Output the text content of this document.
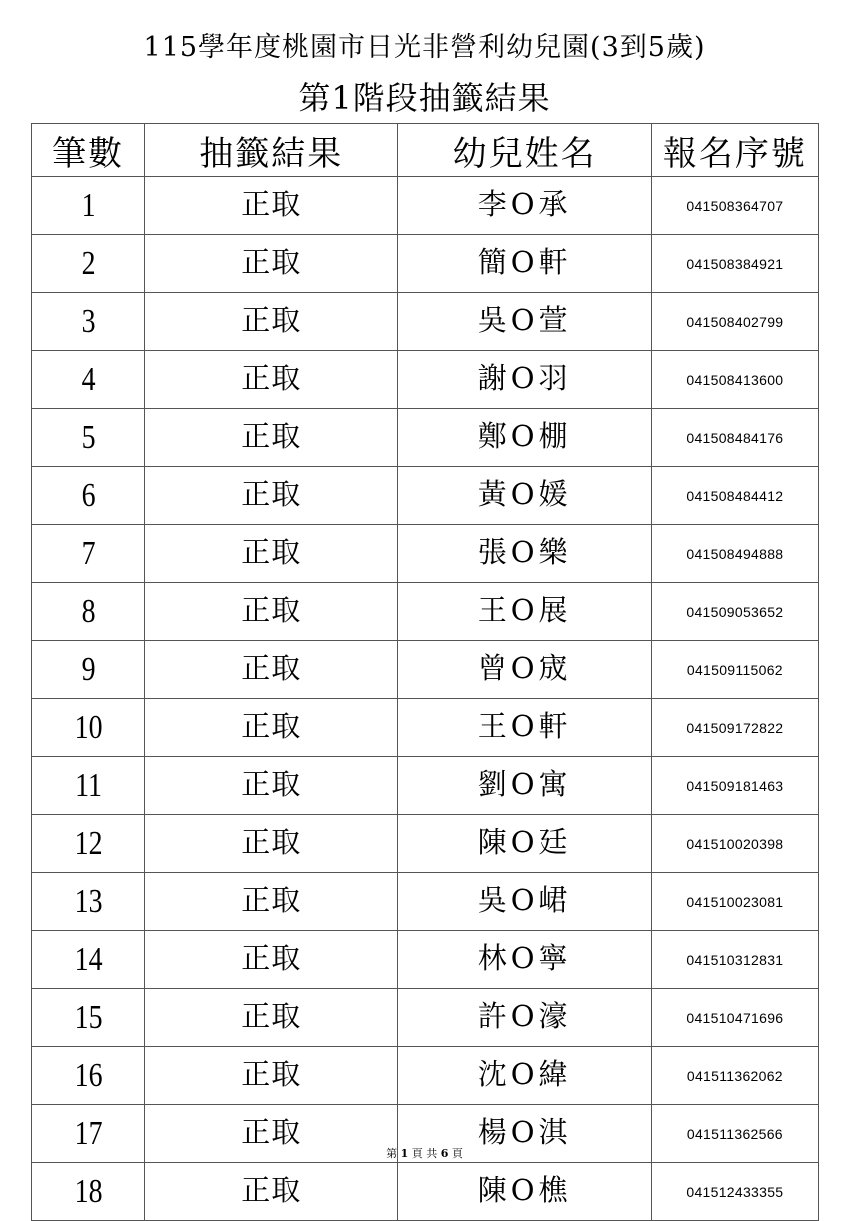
115學年度桃園市日光非營利幼兒園(3到5歲)
第1階段抽籤結果
筆數	抽籤結果	幼兒姓名	報名序號
1	正取	李O承	041508364707
2	正取	簡O軒	041508384921
3	正取	吳O萱	041508402799
4	正取	謝O羽	041508413600
5	正取	鄭O棚	041508484176
6	正取	黃O媛	041508484412
7	正取	張O樂	041508494888
8	正取	王O展	041509053652
9	正取	曾O宬	041509115062
10	正取	王O軒	041509172822
11	正取	劉O寓	041509181463
12	正取	陳O廷	041510020398
13	正取	吳O峮	041510023081
14	正取	林O寧	041510312831
15	正取	許O濠	041510471696
16	正取	沈O緯	041511362062
17	正取	楊O淇	041511362566
18	正取	陳O樵	041512433355
第 1 頁 共 6 頁
